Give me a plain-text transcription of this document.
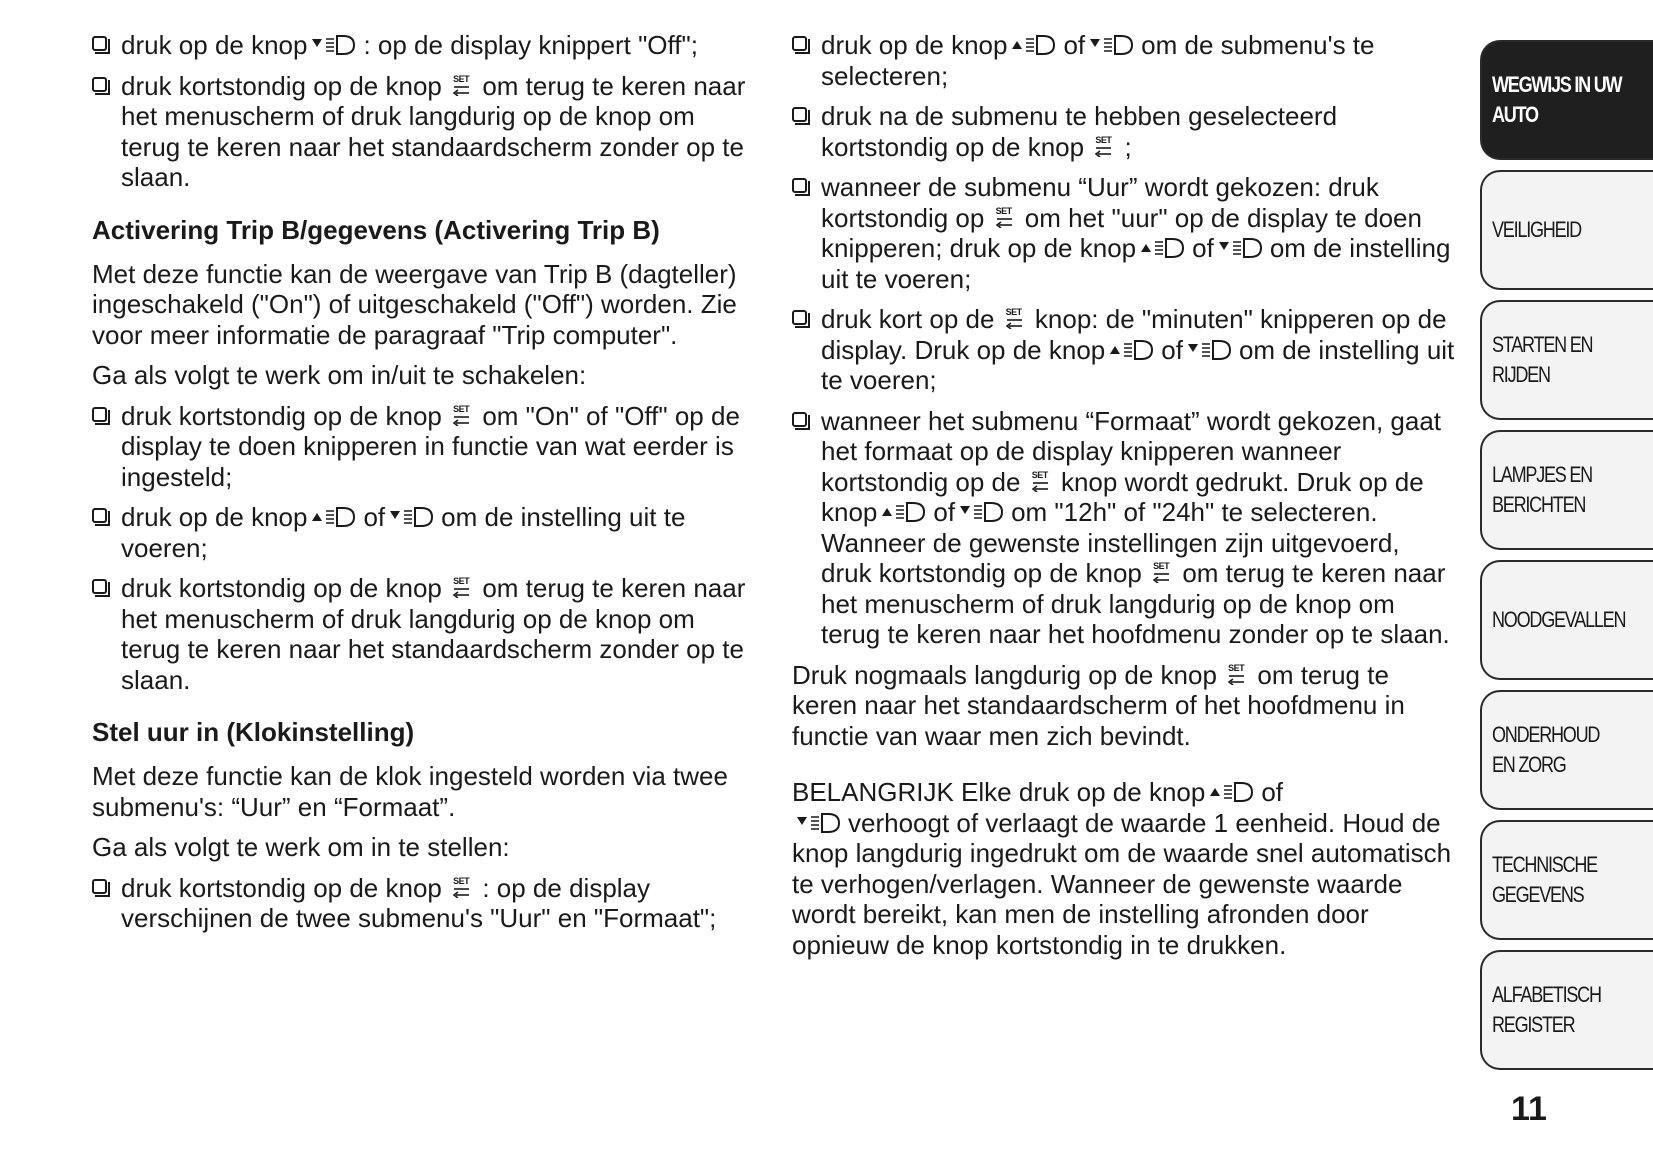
druk op de knop : op de display knippert "Off";
druk kortstondig op de knop SET om terug te keren naar het menuscherm of druk langdurig op de knop om terug te keren naar het standaardscherm zonder op te slaan.
Activering Trip B/gegevens (Activering Trip B)

Met deze functie kan de weergave van Trip B (dagteller) ingeschakeld ("On") of uitgeschakeld ("Off") worden. Zie voor meer informatie de paragraaf "Trip computer".

Ga als volgt te werk om in/uit te schakelen:

druk kortstondig op de knop SET om "On" of "Off" op de display te doen knipperen in functie van wat eerder is ingesteld;
druk op de knop of om de instelling uit te voeren;
druk kortstondig op de knop SET om terug te keren naar het menuscherm of druk langdurig op de knop om terug te keren naar het standaardscherm zonder op te slaan.
Stel uur in (Klokinstelling)

Met deze functie kan de klok ingesteld worden via twee submenu's: “Uur” en “Formaat”.

Ga als volgt te werk om in te stellen:

druk kortstondig op de knop SET : op de display verschijnen de twee submenu's "Uur" en "Formaat";
druk op de knop of om de submenu's te selecteren;
druk na de submenu te hebben geselecteerd kortstondig op de knop SET ;
wanneer de submenu “Uur” wordt gekozen: druk kortstondig op SET om het "uur" op de display te doen knipperen; druk op de knop of om de instelling uit te voeren;
druk kort op de SET knop: de "minuten" knipperen op de display. Druk op de knop of om de instelling uit te voeren;
wanneer het submenu “Formaat” wordt gekozen, gaat het formaat op de display knipperen wanneer kortstondig op de SET knop wordt gedrukt. Druk op de knop of om "12h" of "24h" te selecteren. Wanneer de gewenste instellingen zijn uitgevoerd, druk kortstondig op de knop SET om terug te keren naar het menuscherm of druk langdurig op de knop om terug te keren naar het hoofdmenu zonder op te slaan.

Druk nogmaals langdurig op de knop SET om terug te keren naar het standaardscherm of het hoofdmenu in functie van waar men zich bevindt.

BELANGRIJK Elke druk op de knop of
verhoogt of verlaagt de waarde 1 eenheid. Houd de knop langdurig ingedrukt om de waarde snel automatisch te verhogen/verlagen. Wanneer de gewenste waarde wordt bereikt, kan men de instelling afronden door opnieuw de knop kortstondig in te drukken.

WEGWIJS IN UW AUTO
VEILIGHEID
STARTEN EN RIJDEN
LAMPJES EN BERICHTEN
NOODGEVALLEN
ONDERHOUD EN ZORG
TECHNISCHE GEGEVENS
ALFABETISCH REGISTER
11
